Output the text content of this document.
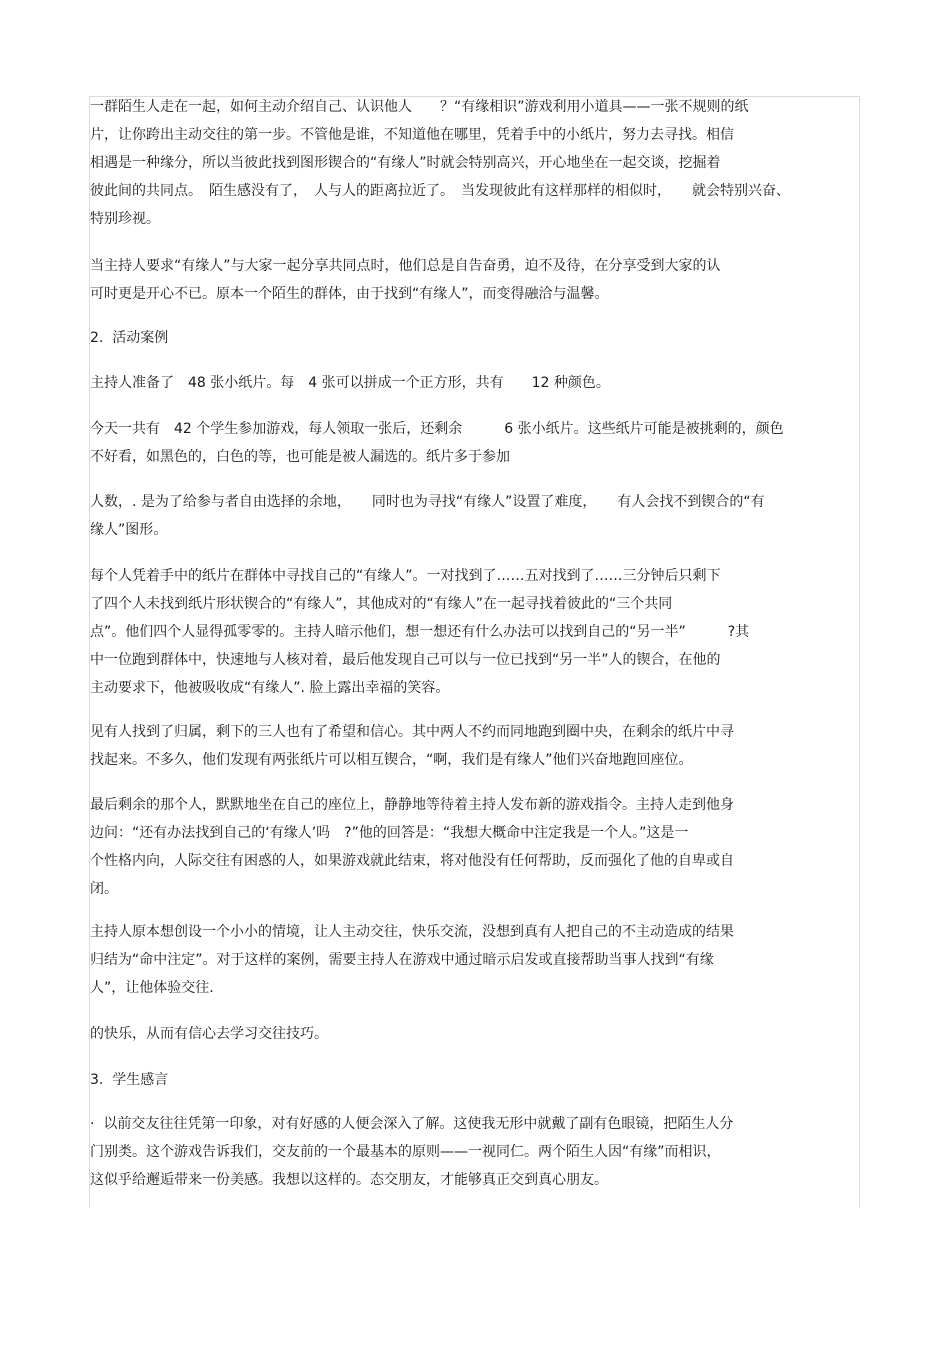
一群陌生人走在一起，如何主动介绍自己、认识他人　　？“有缘相识”游戏利用小道具——一张不规则的纸
片，让你跨出主动交往的第一步。不管他是谁，不知道他在哪里，凭着手中的小纸片，努力去寻找。相信
相遇是一种缘分，所以当彼此找到图形锲合的“有缘人”时就会特别高兴，开心地坐在一起交谈，挖掘着
彼此间的共同点。　陌生感没有了，　人与人的距离拉近了。　当发现彼此有这样那样的相似时，　　就会特别兴奋、
特别珍视。
当主持人要求“有缘人”与大家一起分享共同点时，他们总是自告奋勇，迫不及待，在分享受到大家的认
可时更是开心不已。原本一个陌生的群体，由于找到“有缘人”，而变得融洽与温馨。
2.  活动案例
主持人准备了　48 张小纸片。每　4 张可以拼成一个正方形，共有　　12 种颜色。
今天一共有　42 个学生参加游戏，每人领取一张后，还剩余　　　6 张小纸片。这些纸片可能是被挑剩的，颜色
不好看，如黑色的，白色的等，也可能是被人漏选的。纸片多于参加
人数，. 是为了给参与者自由选择的余地，　　同时也为寻找“有缘人”设置了难度，　　有人会找不到锲合的“有
缘人”图形。
每个人凭着手中的纸片在群体中寻找自己的“有缘人”。一对找到了……五对找到了……三分钟后只剩下
了四个人未找到纸片形状锲合的“有缘人”，其他成对的“有缘人”在一起寻找着彼此的“三个共同
点”。他们四个人显得孤零零的。主持人暗示他们，想一想还有什么办法可以找到自己的“另一半”　　　?其
中一位跑到群体中，快速地与人核对着，最后他发现自己可以与一位已找到“另一半”人的锲合，在他的
主动要求下，他被吸收成“有缘人”. 脸上露出幸福的笑容。
见有人找到了归属，剩下的三人也有了希望和信心。其中两人不约而同地跑到圈中央，在剩余的纸片中寻
找起来。不多久，他们发现有两张纸片可以相互锲合，“啊，我们是有缘人”他们兴奋地跑回座位。
最后剩余的那个人，默默地坐在自己的座位上，静静地等待着主持人发布新的游戏指令。主持人走到他身
边问：“还有办法找到自己的‘有缘人’吗　?”他的回答是：“我想大概命中注定我是一个人。”这是一
个性格内向，人际交往有困惑的人，如果游戏就此结束，将对他没有任何帮助，反而强化了他的自卑或自
闭。
主持人原本想创设一个小小的情境，让人主动交往，快乐交流，没想到真有人把自己的不主动造成的结果
归结为“命中注定”。对于这样的案例，需要主持人在游戏中通过暗示启发或直接帮助当事人找到“有缘
人”，让他体验交往.
的快乐，从而有信心去学习交往技巧。
3.  学生感言
·  以前交友往往凭第一印象，对有好感的人便会深入了解。这使我无形中就戴了副有色眼镜，把陌生人分
门别类。这个游戏告诉我们，交友前的一个最基本的原则——一视同仁。两个陌生人因“有缘”而相识，
这似乎给邂逅带来一份美感。我想以这样的。态交朋友，才能够真正交到真心朋友。
